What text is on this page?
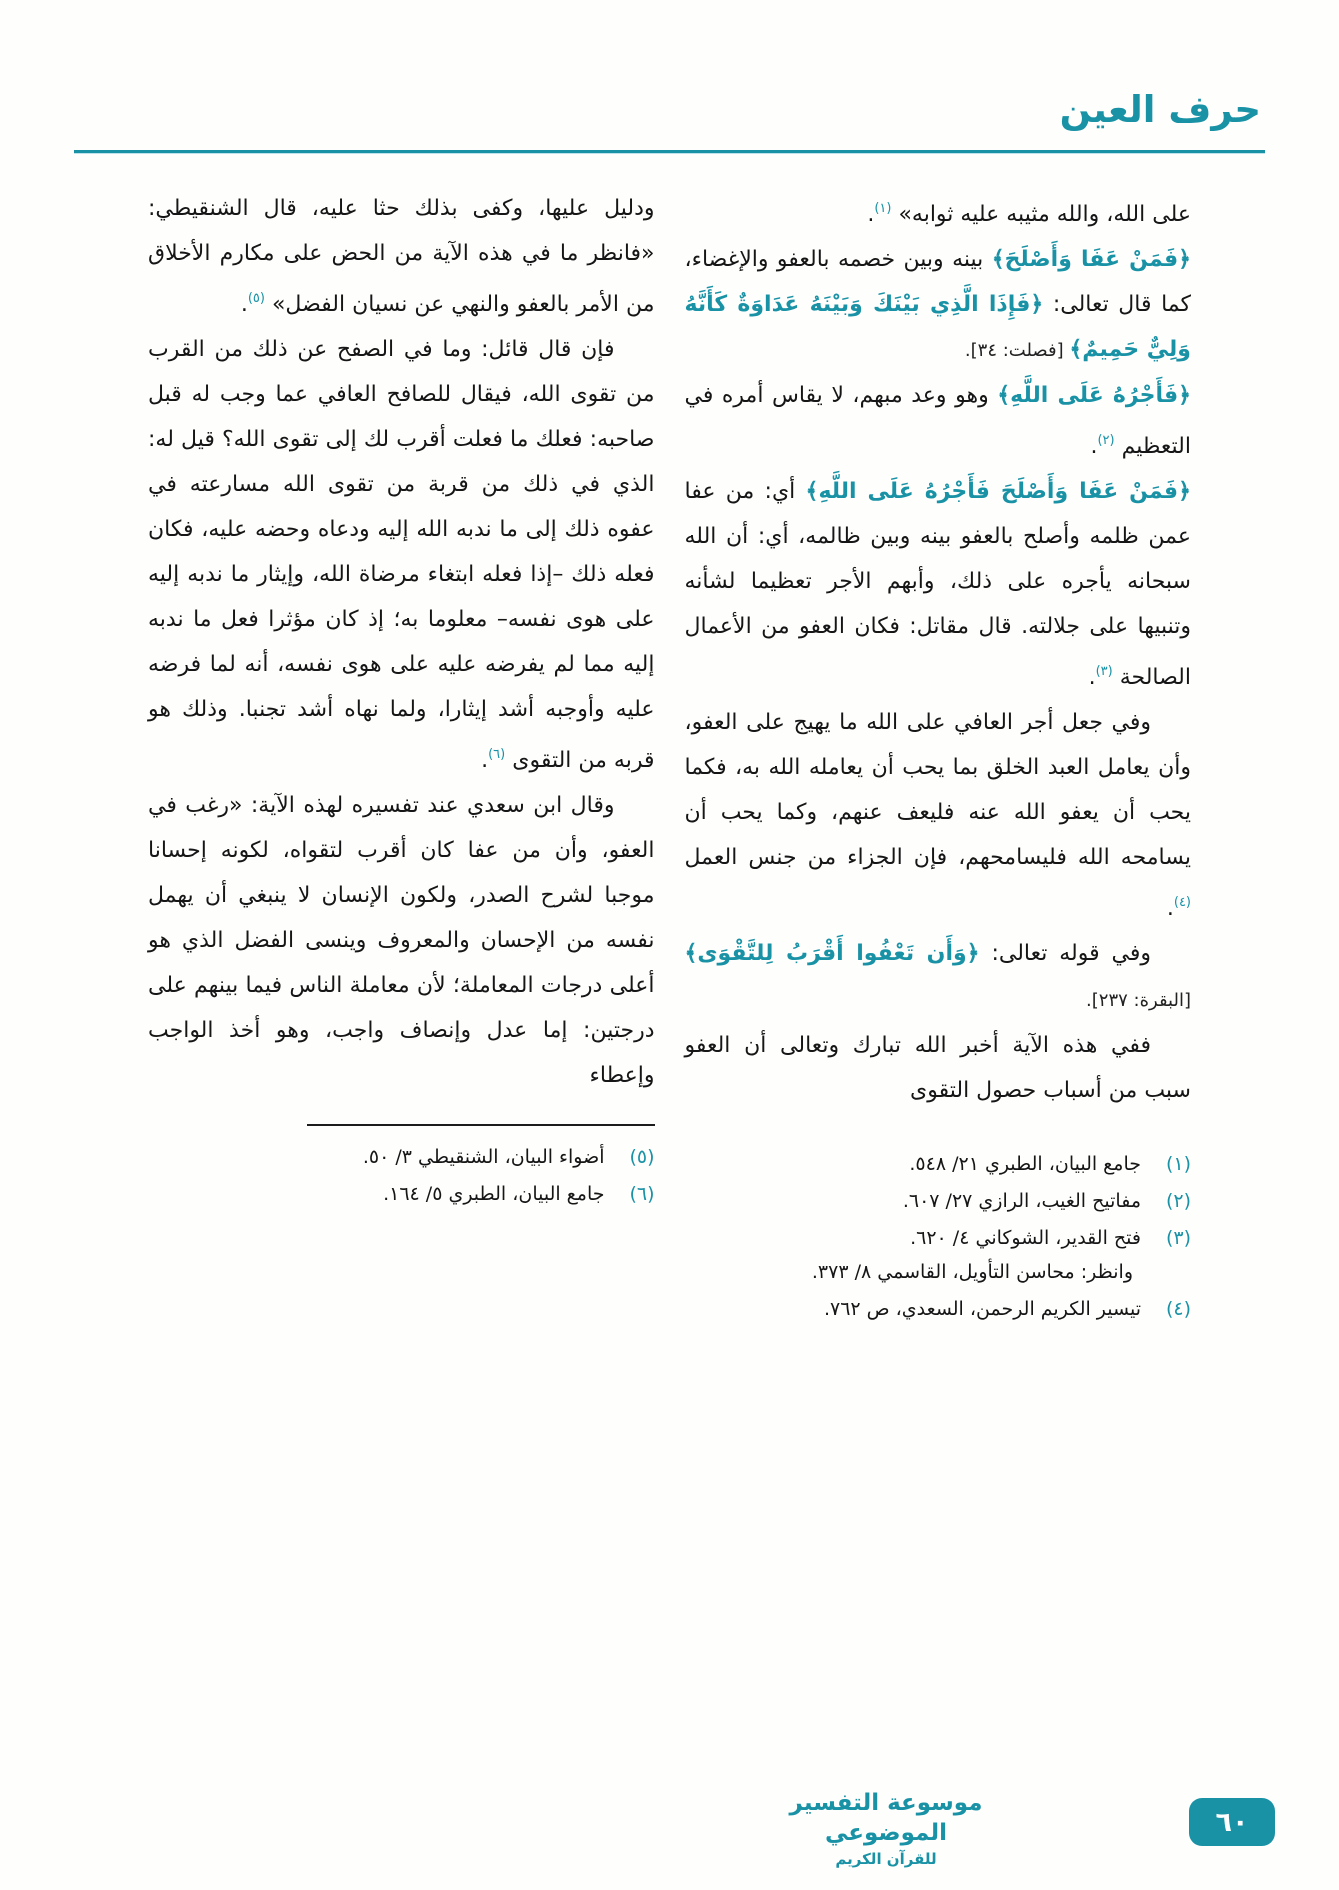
حرف العين

على الله، والله مثيبه عليه ثوابه» $^{(١)}$.

﴿فَمَنْ عَفَا وَأَصْلَحَ﴾ بينه وبين خصمه بالعفو والإغضاء، كما قال تعالى: ﴿فَإِذَا الَّذِي بَيْنَكَ وَبَيْنَهُ عَدَاوَةٌ كَأَنَّهُ وَلِيٌّ حَمِيمٌ﴾ [فصلت: ٣٤].

﴿فَأَجْرُهُ عَلَى اللَّهِ﴾ وهو وعد مبهم، لا يقاس أمره في التعظيم $^{(٢)}$.

﴿فَمَنْ عَفَا وَأَصْلَحَ فَأَجْرُهُ عَلَى اللَّهِ﴾ أي: من عفا عمن ظلمه وأصلح بالعفو بينه وبين ظالمه، أي: أن الله سبحانه يأجره على ذلك، وأبهم الأجر تعظيما لشأنه وتنبيها على جلالته. قال مقاتل: فكان العفو من الأعمال الصالحة $^{(٣)}$.

وفي جعل أجر العافي على الله ما يهيج على العفو، وأن يعامل العبد الخلق بما يحب أن يعامله الله به، فكما يحب أن يعفو الله عنه فليعف عنهم، وكما يحب أن يسامحه الله فليسامحهم، فإن الجزاء من جنس العمل $^{(٤)}$.

وفي قوله تعالى: ﴿وَأَن تَعْفُوا أَقْرَبُ لِلتَّقْوَى﴾ [البقرة: ٢٣٧].

ففي هذه الآية أخبر الله تبارك وتعالى أن العفو سبب من أسباب حصول التقوى

(١)جامع البيان، الطبري ٢١/ ٥٤٨.
(٢)مفاتيح الغيب، الرازي ٢٧/ ٦٠٧.
(٣)فتح القدير، الشوكاني ٤/ ٦٢٠.
وانظر: محاسن التأويل، القاسمي ٨/ ٣٧٣.
(٤)تيسير الكريم الرحمن، السعدي، ص ٧٦٢.

ودليل عليها، وكفى بذلك حثا عليه، قال الشنقيطي: «فانظر ما في هذه الآية من الحض على مكارم الأخلاق من الأمر بالعفو والنهي عن نسيان الفضل» $^{(٥)}$.

فإن قال قائل: وما في الصفح عن ذلك من القرب من تقوى الله، فيقال للصافح العافي عما وجب له قبل صاحبه: فعلك ما فعلت أقرب لك إلى تقوى الله؟ قيل له: الذي في ذلك من قربة من تقوى الله مسارعته في عفوه ذلك إلى ما ندبه الله إليه ودعاه وحضه عليه، فكان فعله ذلك –إذا فعله ابتغاء مرضاة الله، وإيثار ما ندبه إليه على هوى نفسه– معلوما به؛ إذ كان مؤثرا فعل ما ندبه إليه مما لم يفرضه عليه على هوى نفسه، أنه لما فرضه عليه وأوجبه أشد إيثارا، ولما نهاه أشد تجنبا. وذلك هو قربه من التقوى $^{(٦)}$.

وقال ابن سعدي عند تفسيره لهذه الآية: «رغب في العفو، وأن من عفا كان أقرب لتقواه، لكونه إحسانا موجبا لشرح الصدر، ولكون الإنسان لا ينبغي أن يهمل نفسه من الإحسان والمعروف وينسى الفضل الذي هو أعلى درجات المعاملة؛ لأن معاملة الناس فيما بينهم على درجتين: إما عدل وإنصاف واجب، وهو أخذ الواجب وإعطاء

(٥)أضواء البيان، الشنقيطي ٣/ ٥٠.
(٦)جامع البيان، الطبري ٥/ ١٦٤.
موسوعة التفسير الموضوعي
للقرآن الكريم
٦٠
